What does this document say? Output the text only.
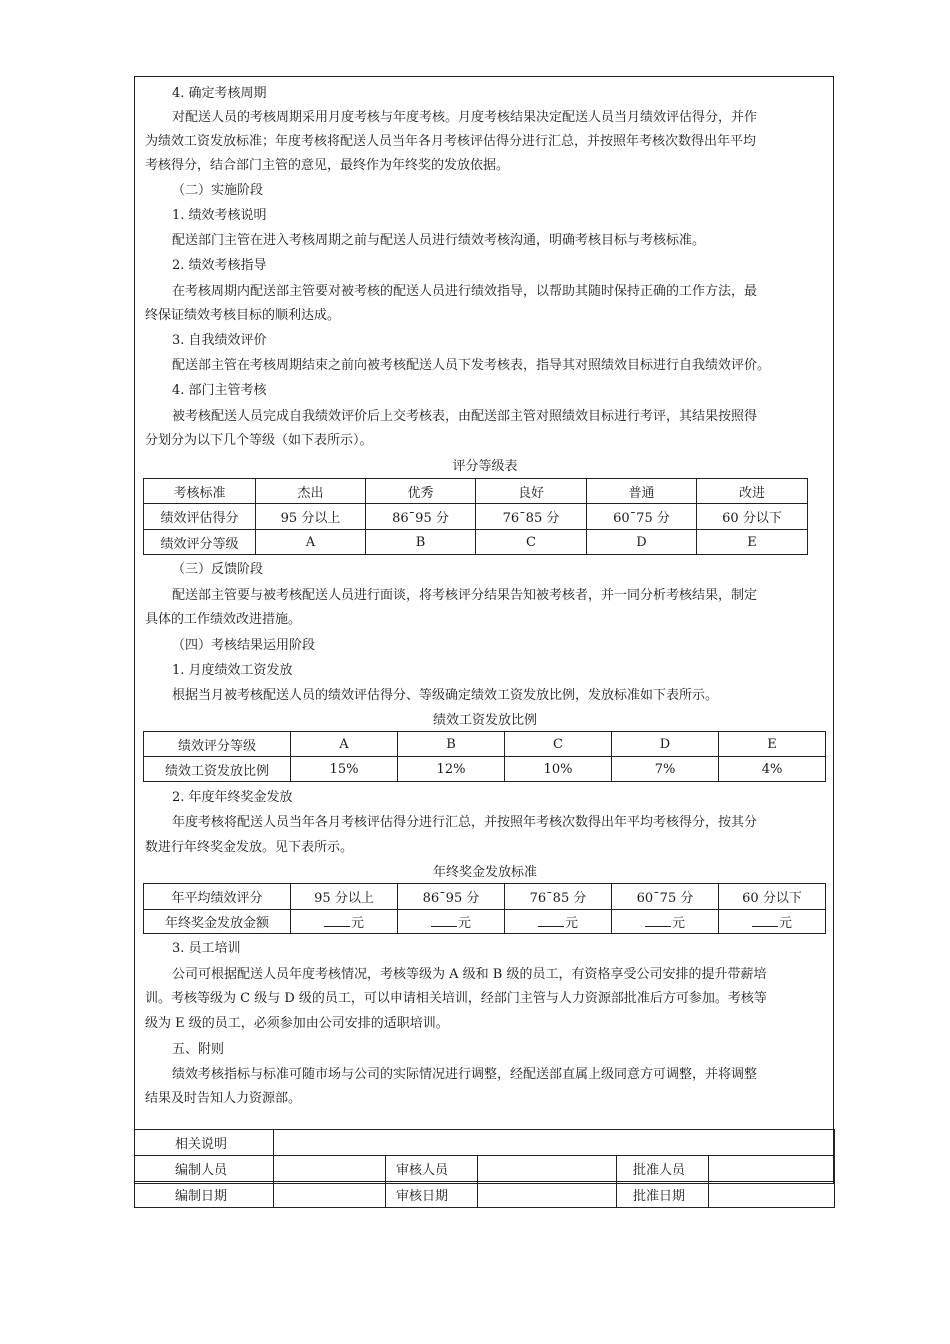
4. 确定考核周期
对配送人员的考核周期采用月度考核与年度考核。月度考核结果决定配送人员当月绩效评估得分，并作
为绩效工资发放标准；年度考核将配送人员当年各月考核评估得分进行汇总，并按照年考核次数得出年平均
考核得分，结合部门主管的意见，最终作为年终奖的发放依据。
（二）实施阶段
1. 绩效考核说明
配送部门主管在进入考核周期之前与配送人员进行绩效考核沟通，明确考核目标与考核标准。
2. 绩效考核指导
在考核周期内配送部主管要对被考核的配送人员进行绩效指导，以帮助其随时保持正确的工作方法，最
终保证绩效考核目标的顺利达成。
3. 自我绩效评价
配送部主管在考核周期结束之前向被考核配送人员下发考核表，指导其对照绩效目标进行自我绩效评价。
4. 部门主管考核
被考核配送人员完成自我绩效评价后上交考核表，由配送部主管对照绩效目标进行考评，其结果按照得
分划分为以下几个等级（如下表所示）。
评分等级表
考核标准	杰出	优秀	良好	普通	改进
绩效评估得分	95 分以上	86¯95 分	76¯85 分	60¯75 分	60 分以下
绩效评分等级	A	B	C	D	E
（三）反馈阶段
配送部主管要与被考核配送人员进行面谈，将考核评分结果告知被考核者，并一同分析考核结果，制定
具体的工作绩效改进措施。
（四）考核结果运用阶段
1. 月度绩效工资发放
根据当月被考核配送人员的绩效评估得分、等级确定绩效工资发放比例，发放标准如下表所示。
绩效工资发放比例
绩效评分等级	A	B	C	D	E
绩效工资发放比例	15%	12%	10%	7%	4%
2. 年度年终奖金发放
年度考核将配送人员当年各月考核评估得分进行汇总，并按照年考核次数得出年平均考核得分，按其分
数进行年终奖金发放。见下表所示。
年终奖金发放标准
年平均绩效评分	95 分以上	86¯95 分	76¯85 分	60¯75 分	60 分以下
年终奖金发放金额	元	元	元	元	元
3. 员工培训
公司可根据配送人员年度考核情况，考核等级为 A 级和 B 级的员工，有资格享受公司安排的提升带薪培
训。考核等级为 C 级与 D 级的员工，可以申请相关培训，经部门主管与人力资源部批准后方可参加。考核等
级为 E 级的员工，必须参加由公司安排的适职培训。
五、附则
绩效考核指标与标准可随市场与公司的实际情况进行调整，经配送部直属上级同意方可调整，并将调整
结果及时告知人力资源部。
相关说明					
编制人员		审核人员		批准人员	
编制日期		审核日期		批准日期	
